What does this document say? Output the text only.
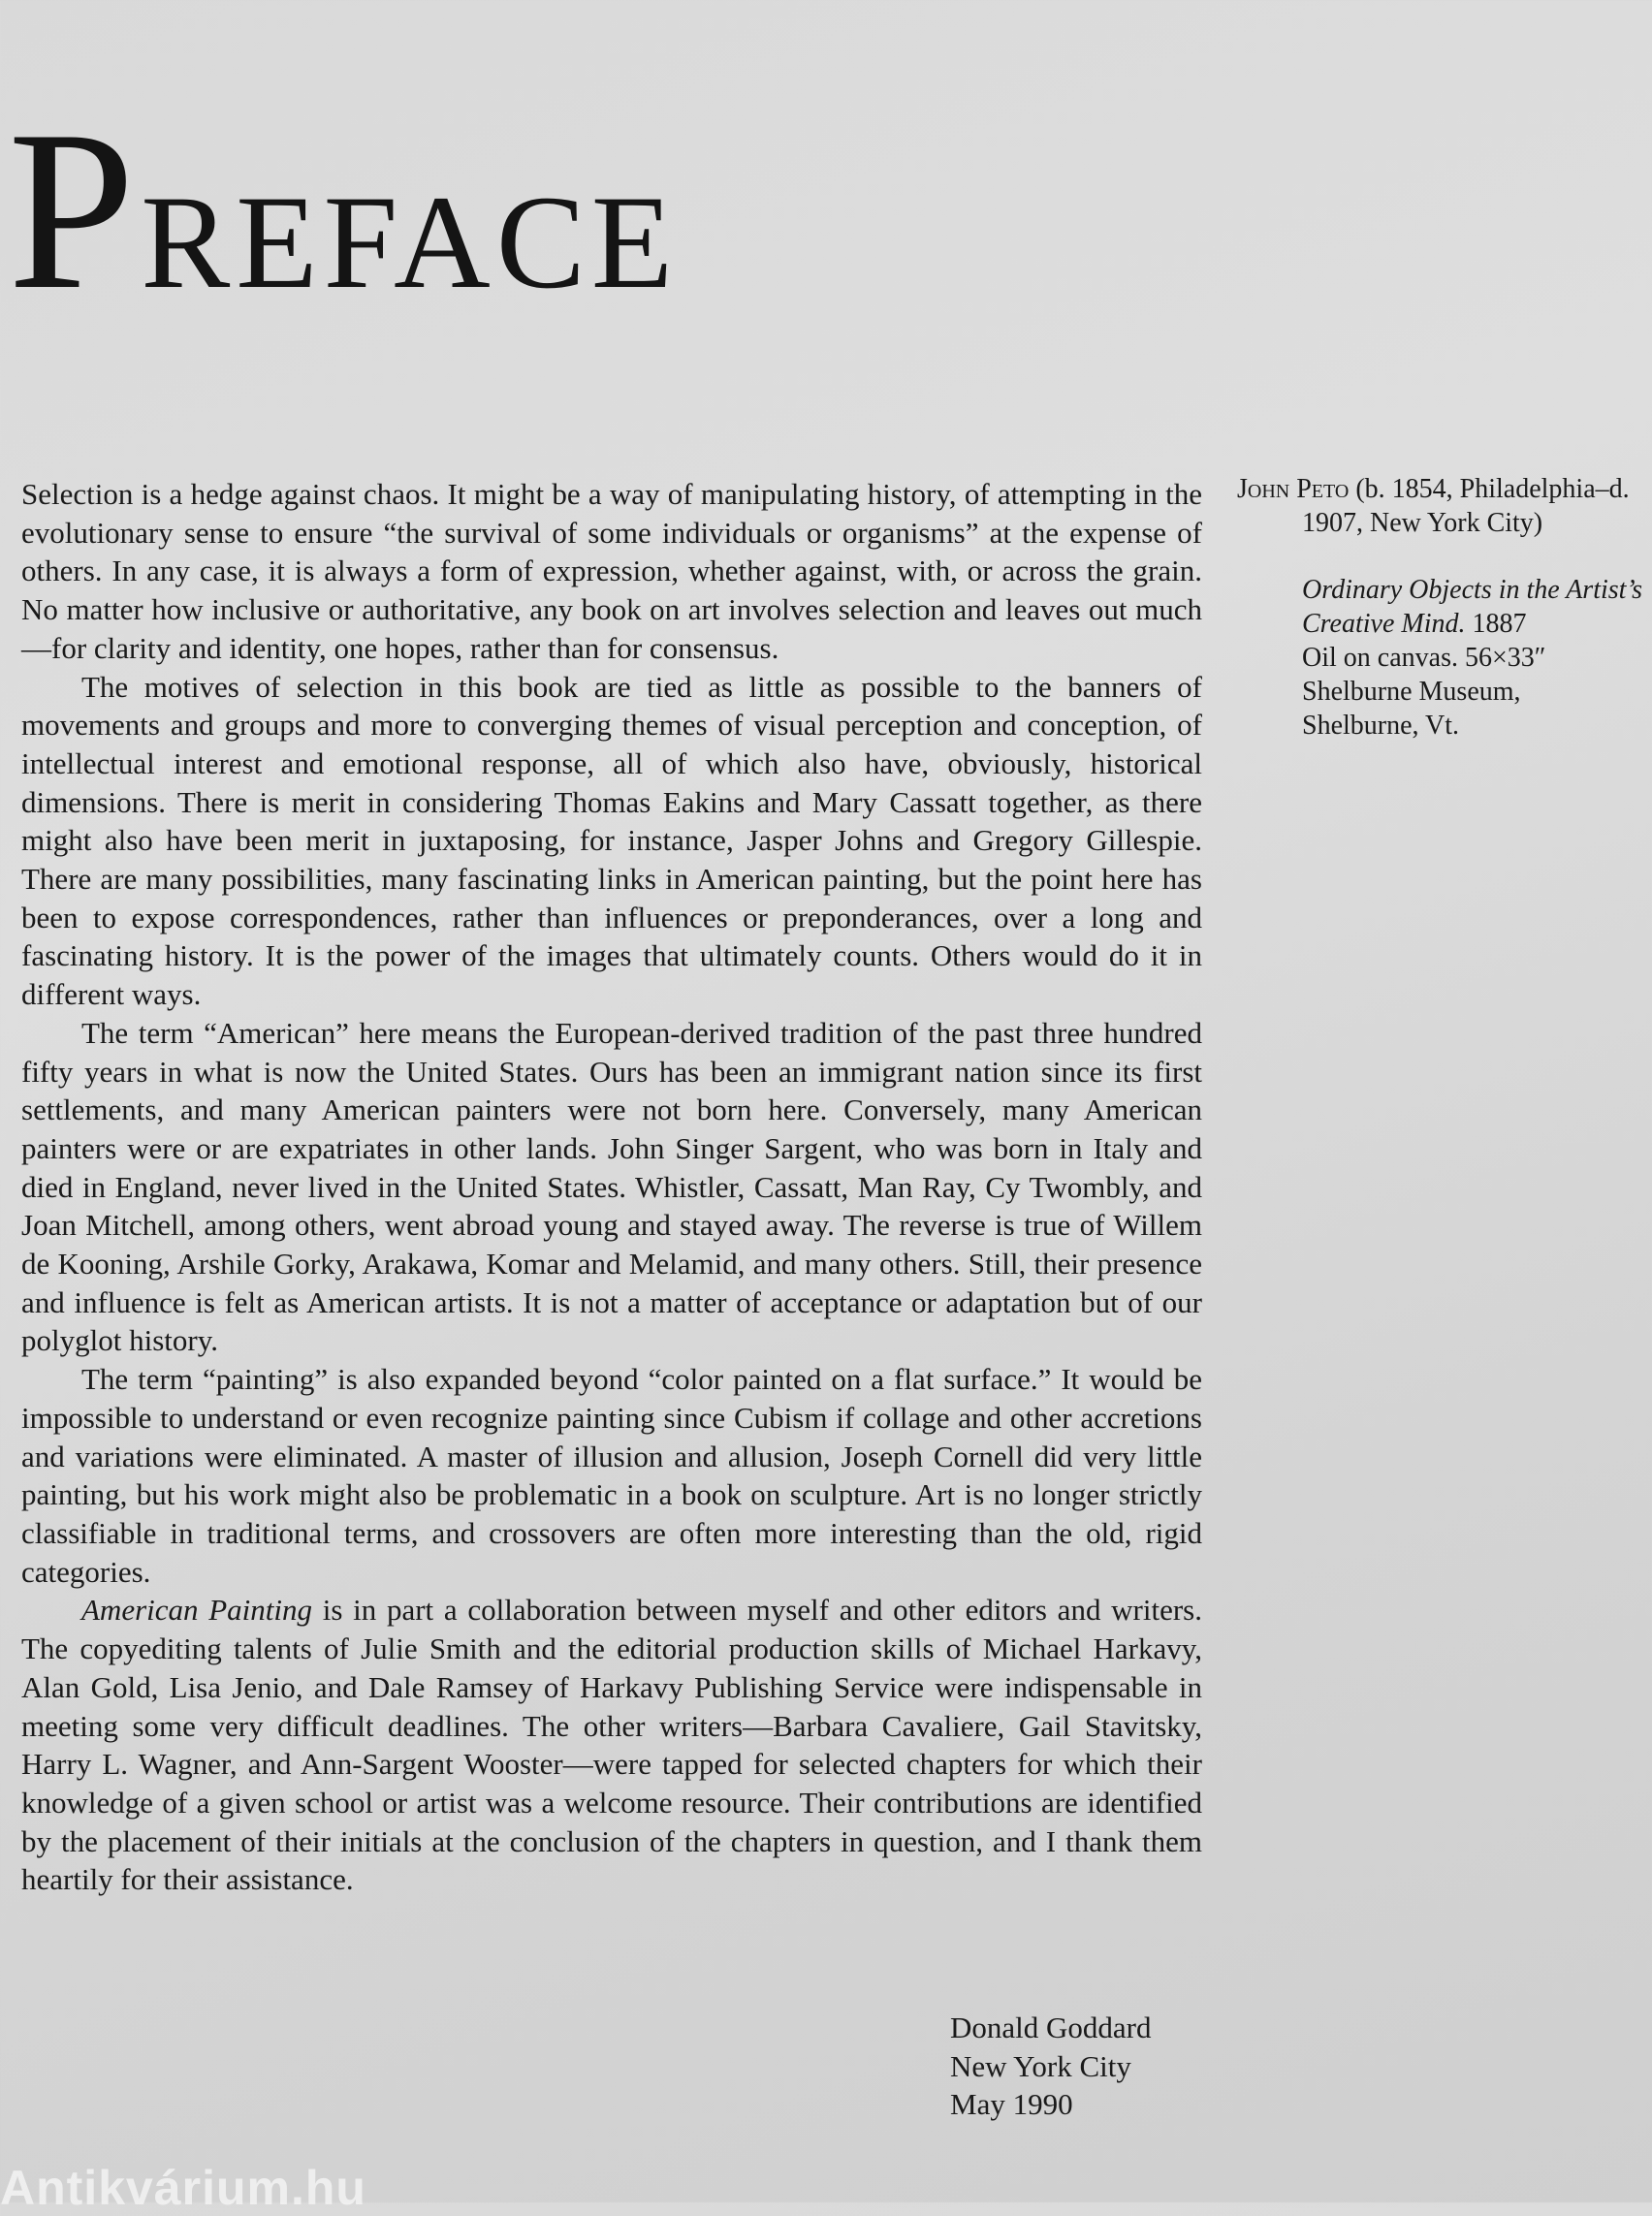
PREFACE

Selection is a hedge against chaos. It might be a way of manipulating history, of attempting in the evolutionary sense to ensure “the survival of some individuals or organisms” at the expense of others. In any case, it is always a form of expression, whether against, with, or across the grain. No matter how inclusive or authoritative, any book on art involves selection and leaves out much—for clarity and identity, one hopes, rather than for consensus.

The motives of selection in this book are tied as little as possible to the banners of movements and groups and more to converging themes of visual perception and conception, of intellectual interest and emotional response, all of which also have, obviously, historical dimensions. There is merit in considering Thomas Eakins and Mary Cassatt together, as there might also have been merit in juxtaposing, for instance, Jasper Johns and Gregory Gillespie. There are many possibilities, many fascinating links in American painting, but the point here has been to expose correspondences, rather than influences or preponderances, over a long and fascinating history. It is the power of the images that ultimately counts. Others would do it in different ways.

The term “American” here means the European-derived tradition of the past three hundred fifty years in what is now the United States. Ours has been an immigrant nation since its first settlements, and many American painters were not born here. Conversely, many American painters were or are expatriates in other lands. John Singer Sargent, who was born in Italy and died in England, never lived in the United States. Whistler, Cassatt, Man Ray, Cy Twombly, and Joan Mitchell, among others, went abroad young and stayed away. The reverse is true of Willem de Kooning, Arshile Gorky, Arakawa, Komar and Melamid, and many others. Still, their presence and influence is felt as American artists. It is not a matter of acceptance or adaptation but of our polyglot history.

The term “painting” is also expanded beyond “color painted on a flat surface.” It would be impossible to understand or even recognize painting since Cubism if collage and other accretions and variations were eliminated. A master of illusion and allusion, Joseph Cornell did very little painting, but his work might also be problematic in a book on sculpture. Art is no longer strictly classifiable in traditional terms, and crossovers are often more interesting than the old, rigid categories.

American Painting is in part a collaboration between myself and other editors and writers. The copyediting talents of Julie Smith and the editorial production skills of Michael Harkavy, Alan Gold, Lisa Jenio, and Dale Ramsey of Harkavy Publishing Service were indispensable in meeting some very difficult deadlines. The other writers—Barbara Cavaliere, Gail Stavitsky, Harry L. Wagner, and Ann-Sargent Wooster—were tapped for selected chapters for which their knowledge of a given school or artist was a welcome resource. Their contributions are identified by the placement of their initials at the conclusion of the chapters in question, and I thank them heartily for their assistance.

Donald Goddard
New York City
May 1990
John Peto (b. 1854, Philadelphia–d. 1907, New York City)
Ordinary Objects in the Artist’s Creative Mind. 1887
Oil on canvas. 56×33″
Shelburne Museum,
Shelburne, Vt.
Antikvárium.hu
